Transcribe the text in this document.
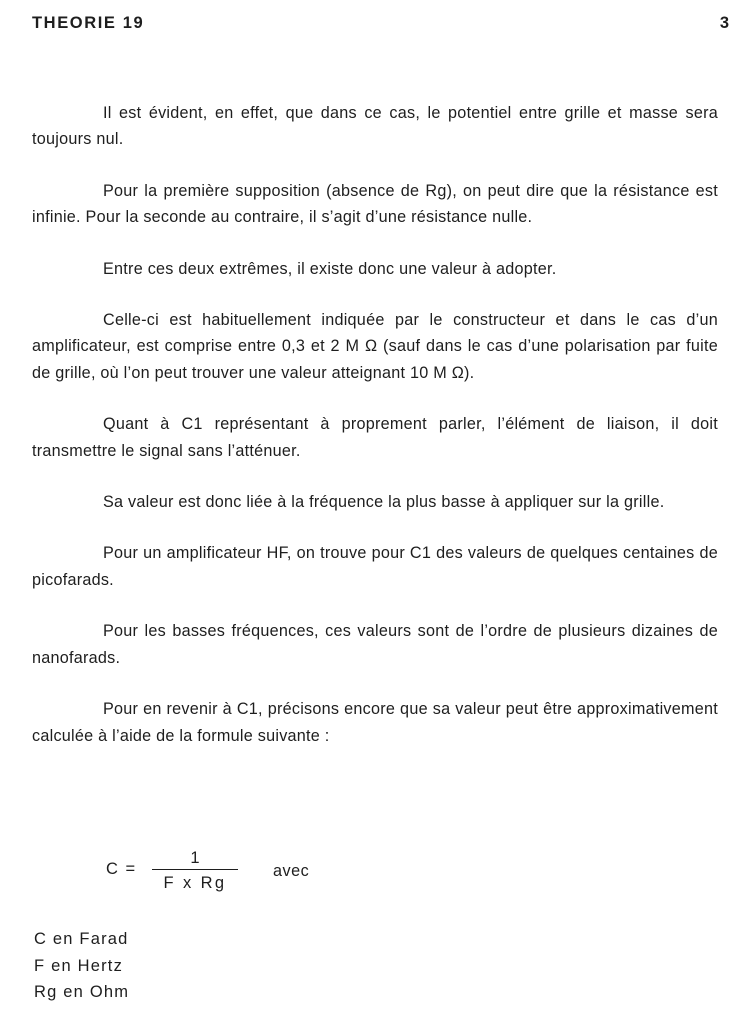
THEORIE 19	3

Il est évident, en effet, que dans ce cas, le potentiel entre grille et masse sera toujours nul.

Pour la première supposition (absence de Rg), on peut dire que la résistance est infinie. Pour la seconde au contraire, il s’agit d’une résistance nulle.

Entre ces deux extrêmes, il existe donc une valeur à adopter.

Celle-ci est habituellement indiquée par le constructeur et dans le cas d’un amplificateur, est comprise entre 0,3 et 2 M Ω (sauf dans le cas d’une polarisation par fuite de grille, où l’on peut trouver une valeur atteignant 10 M Ω).

Quant à C1 représentant à proprement parler, l’élément de liaison, il doit transmettre le signal sans l’atténuer.

Sa valeur est donc liée à la fréquence la plus basse à appliquer sur la grille.

Pour un amplificateur HF, on trouve pour C1 des valeurs de quelques centaines de picofarads.

Pour les basses fréquences, ces valeurs sont de l’ordre de plusieurs dizaines de nanofarads.

Pour en revenir à C1, précisons encore que sa valeur peut être approximativement calculée à l’aide de la formule suivante :

C =
1
F x Rg
avec
C en Farad
F en Hertz
Rg en Ohm
